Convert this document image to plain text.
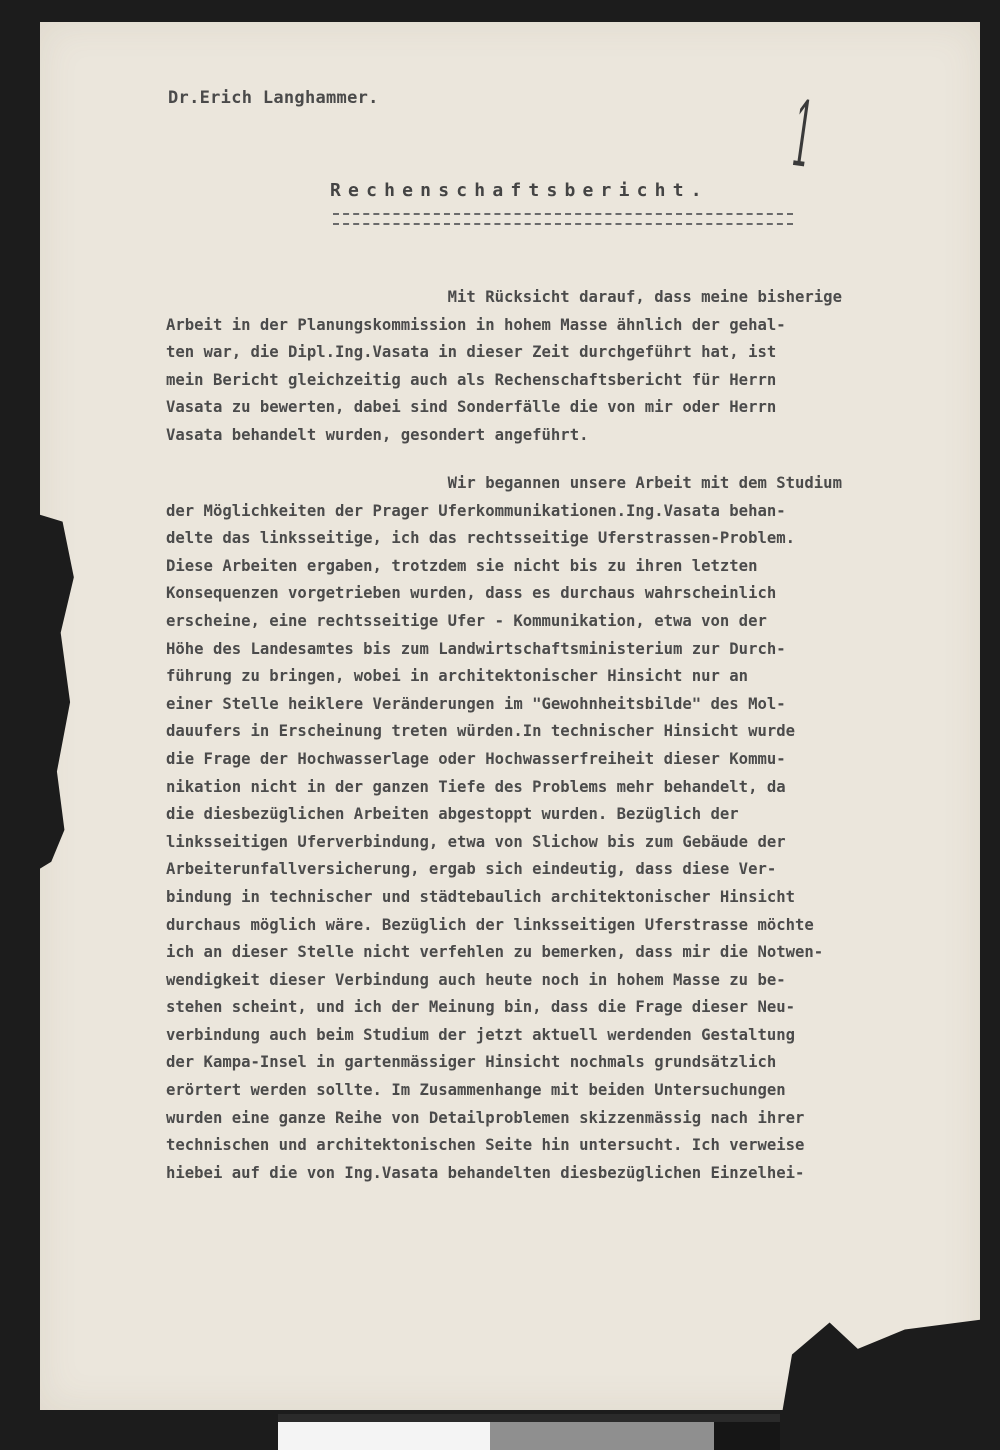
Dr.Erich Langhammer.	1
Rechenschaftsbericht.

Mit Rücksicht darauf, dass meine bisherige
Arbeit in der Planungskommission in hohem Masse ähnlich der gehal-
ten war, die Dipl.Ing.Vasata in dieser Zeit durchgeführt hat, ist
mein Bericht gleichzeitig auch als Rechenschaftsbericht für Herrn
Vasata zu bewerten, dabei sind Sonderfälle die von mir oder Herrn
Vasata behandelt wurden, gesondert angeführt.

Wir begannen unsere Arbeit mit dem Studium
der Möglichkeiten der Prager Uferkommunikationen.Ing.Vasata behan-
delte das linksseitige, ich das rechtsseitige Uferstrassen-Problem.
Diese Arbeiten ergaben, trotzdem sie nicht bis zu ihren letzten
Konsequenzen vorgetrieben wurden, dass es durchaus wahrscheinlich
erscheine, eine rechtsseitige Ufer - Kommunikation, etwa von der
Höhe des Landesamtes bis zum Landwirtschaftsministerium zur Durch-
führung zu bringen, wobei in architektonischer Hinsicht nur an
einer Stelle heiklere Veränderungen im "Gewohnheitsbilde" des Mol-
dauufers in Erscheinung treten würden.In technischer Hinsicht wurde
die Frage der Hochwasserlage oder Hochwasserfreiheit dieser Kommu-
nikation nicht in der ganzen Tiefe des Problems mehr behandelt, da
die diesbezüglichen Arbeiten abgestoppt wurden. Bezüglich der
linksseitigen Uferverbindung, etwa von Slichow bis zum Gebäude der
Arbeiterunfallversicherung, ergab sich eindeutig, dass diese Ver-
bindung in technischer und städtebaulich architektonischer Hinsicht
durchaus möglich wäre. Bezüglich der linksseitigen Uferstrasse möchte
ich an dieser Stelle nicht verfehlen zu bemerken, dass mir die Notwen-
wendigkeit dieser Verbindung auch heute noch in hohem Masse zu be-
stehen scheint, und ich der Meinung bin, dass die Frage dieser Neu-
verbindung auch beim Studium der jetzt aktuell werdenden Gestaltung
der Kampa-Insel in gartenmässiger Hinsicht nochmals grundsätzlich
erörtert werden sollte. Im Zusammenhange mit beiden Untersuchungen
wurden eine ganze Reihe von Detailproblemen skizzenmässig nach ihrer
technischen und architektonischen Seite hin untersucht. Ich verweise
hiebei auf die von Ing.Vasata behandelten diesbezüglichen Einzelhei-
